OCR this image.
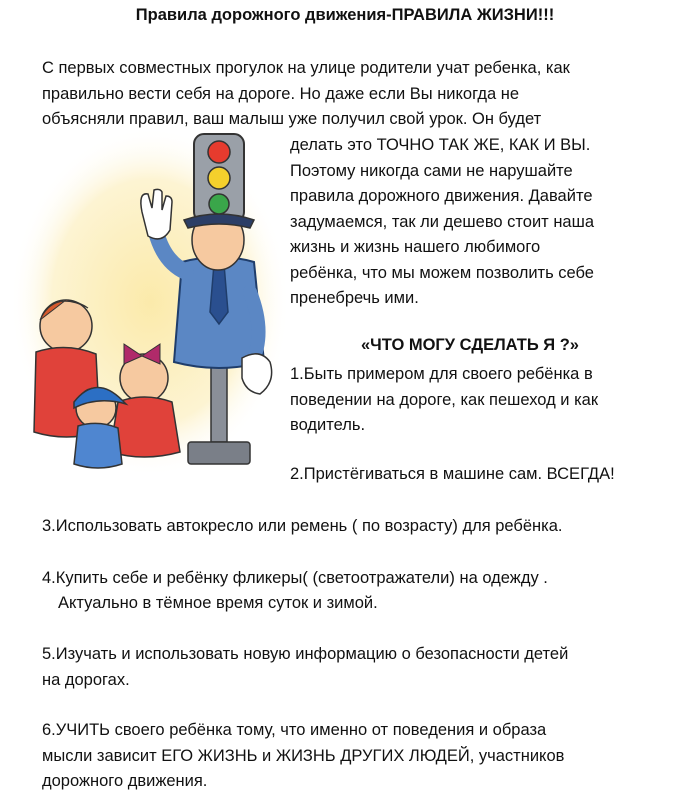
Правила дорожного движения-ПРАВИЛА ЖИЗНИ!!!

С первых совместных прогулок на улице родители учат ребенка, как
правильно вести себя на дороге. Но даже если Вы никогда не
объясняли правил, ваш малыш уже получил свой урок. Он будет

делать это ТОЧНО ТАК ЖЕ, КАК И ВЫ.
Поэтому никогда сами не нарушайте
правила дорожного движения. Давайте
задумаемся, так ли дешево стоит наша
жизнь и жизнь нашего любимого
ребёнка, что мы можем позволить себе
пренебречь ими.

«ЧТО МОГУ СДЕЛАТЬ Я ?»

1.Быть примером для своего ребёнка в
поведении на дороге, как пешеход и как
водитель.

2.Пристёгиваться в машине сам. ВСЕГДА!

3.Использовать автокресло или ремень ( по возрасту) для ребёнка.

4.Купить себе и ребёнку фликеры( (светоотражатели) на одежду .

Актуально в тёмное время суток и зимой.

5.Изучать и использовать новую информацию о безопасности детей
на дорогах.

6.УЧИТЬ своего ребёнка тому, что именно от поведения и образа
мысли зависит ЕГО ЖИЗНЬ и ЖИЗНЬ ДРУГИХ ЛЮДЕЙ, участников
дорожного движения.
